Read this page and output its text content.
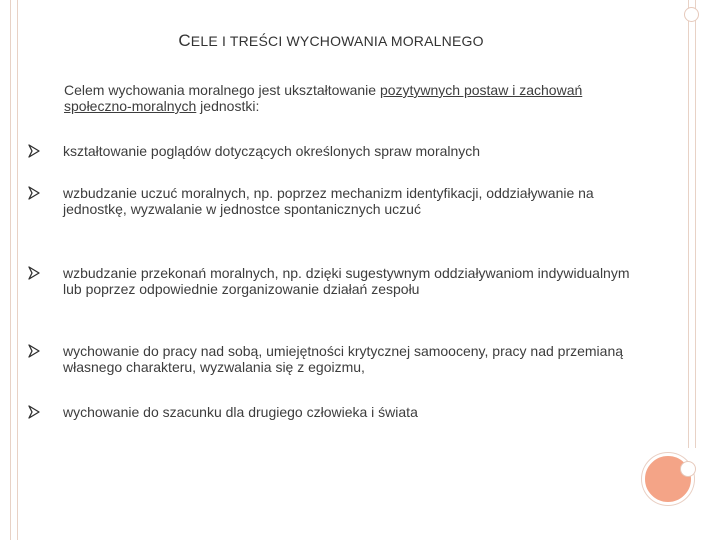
CELE I TREŚCI WYCHOWANIA MORALNEGO
Celem wychowania moralnego jest ukształtowanie pozytywnych postaw i zachowań społeczno-moralnych jednostki:
kształtowanie poglądów dotyczących określonych spraw moralnych
wzbudzanie uczuć moralnych, np. poprzez mechanizm identyfikacji, oddziaływanie na jednostkę, wyzwalanie w jednostce spontanicznych uczuć
wzbudzanie przekonań moralnych, np. dzięki sugestywnym oddziaływaniom indywidualnym lub poprzez odpowiednie zorganizowanie działań zespołu
wychowanie do pracy nad sobą, umiejętności krytycznej samooceny, pracy nad przemianą własnego charakteru, wyzwalania się z egoizmu,
wychowanie do szacunku dla drugiego człowieka i świata
